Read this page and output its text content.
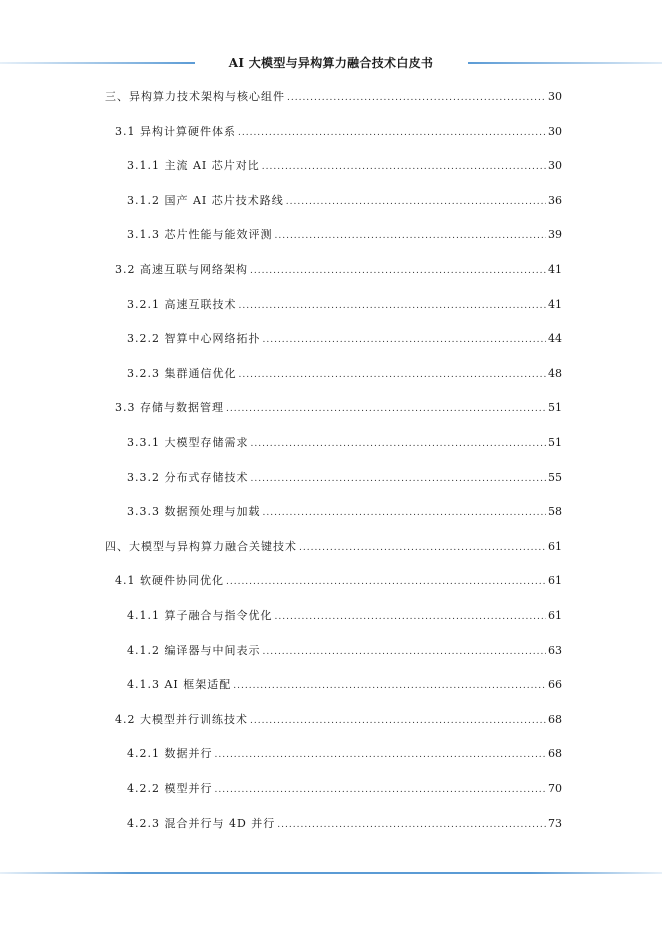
AI 大模型与异构算力融合技术白皮书
三、异构算力技术架构与核心组件 .....	30
3.1 异构计算硬件体系 .....	30
3.1.1 主流 AI 芯片对比 .....	30
3.1.2 国产 AI 芯片技术路线 .....	36
3.1.3 芯片性能与能效评测 .....	39
3.2 高速互联与网络架构 .....	41
3.2.1 高速互联技术 .....	41
3.2.2 智算中心网络拓扑 .....	44
3.2.3 集群通信优化 .....	48
3.3 存储与数据管理 .....	51
3.3.1 大模型存储需求 .....	51
3.3.2 分布式存储技术 .....	55
3.3.3 数据预处理与加载 .....	58
四、大模型与异构算力融合关键技术 .....	61
4.1 软硬件协同优化 .....	61
4.1.1 算子融合与指令优化 .....	61
4.1.2 编译器与中间表示 .....	63
4.1.3 AI 框架适配 .....	66
4.2 大模型并行训练技术 .....	68
4.2.1 数据并行 .....	68
4.2.2 模型并行 .....	70
4.2.3 混合并行与 4D 并行 .....	73
